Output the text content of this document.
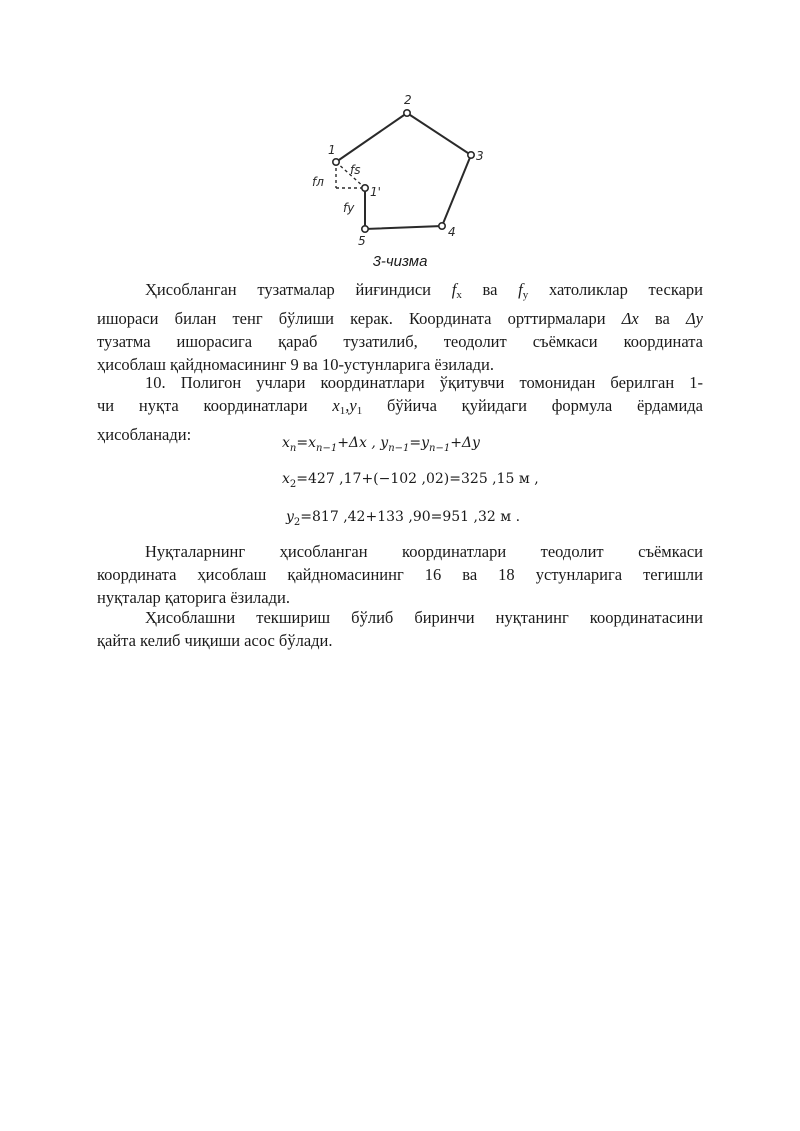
1
2
3
4
5
1'
fs
fл
fy
3-чизма
Ҳисобланган тузатмалар йиғиндиси $f_x$ ва $f_y$ хатоликлар тескари
ишораси билан тенг бўлиши керак. Координата орттирмалари Δx ва Δy
тузатма ишорасига қараб тузатилиб, теодолит съёмкаси координата
ҳисоблаш қайдномасининг 9 ва 10-устунларига ёзилади.
10. Полигон учлари координатлари ўқитувчи томонидан берилган 1-
чи нуқта координатлари $x_1,y_1$ бўйича қуйидаги формула ёрдамида
ҳисобланади:	$x_n=x_{n-1}+\Delta x$ , $y_{n-1}=y_{n-1}+\Delta y$
$x_2=427$ ,17+(−102 ,02)=325 ,15 м ,
$y_2=817$ ,42+133 ,90=951 ,32 м .
Нуқталарнинг ҳисобланган координатлари теодолит съёмкаси
координата ҳисоблаш қайдномасининг 16 ва 18 устунларига тегишли
нуқталар қаторига ёзилади.
Ҳисоблашни текшириш бўлиб биринчи нуқтанинг координатасини
қайта келиб чиқиши асос бўлади.
